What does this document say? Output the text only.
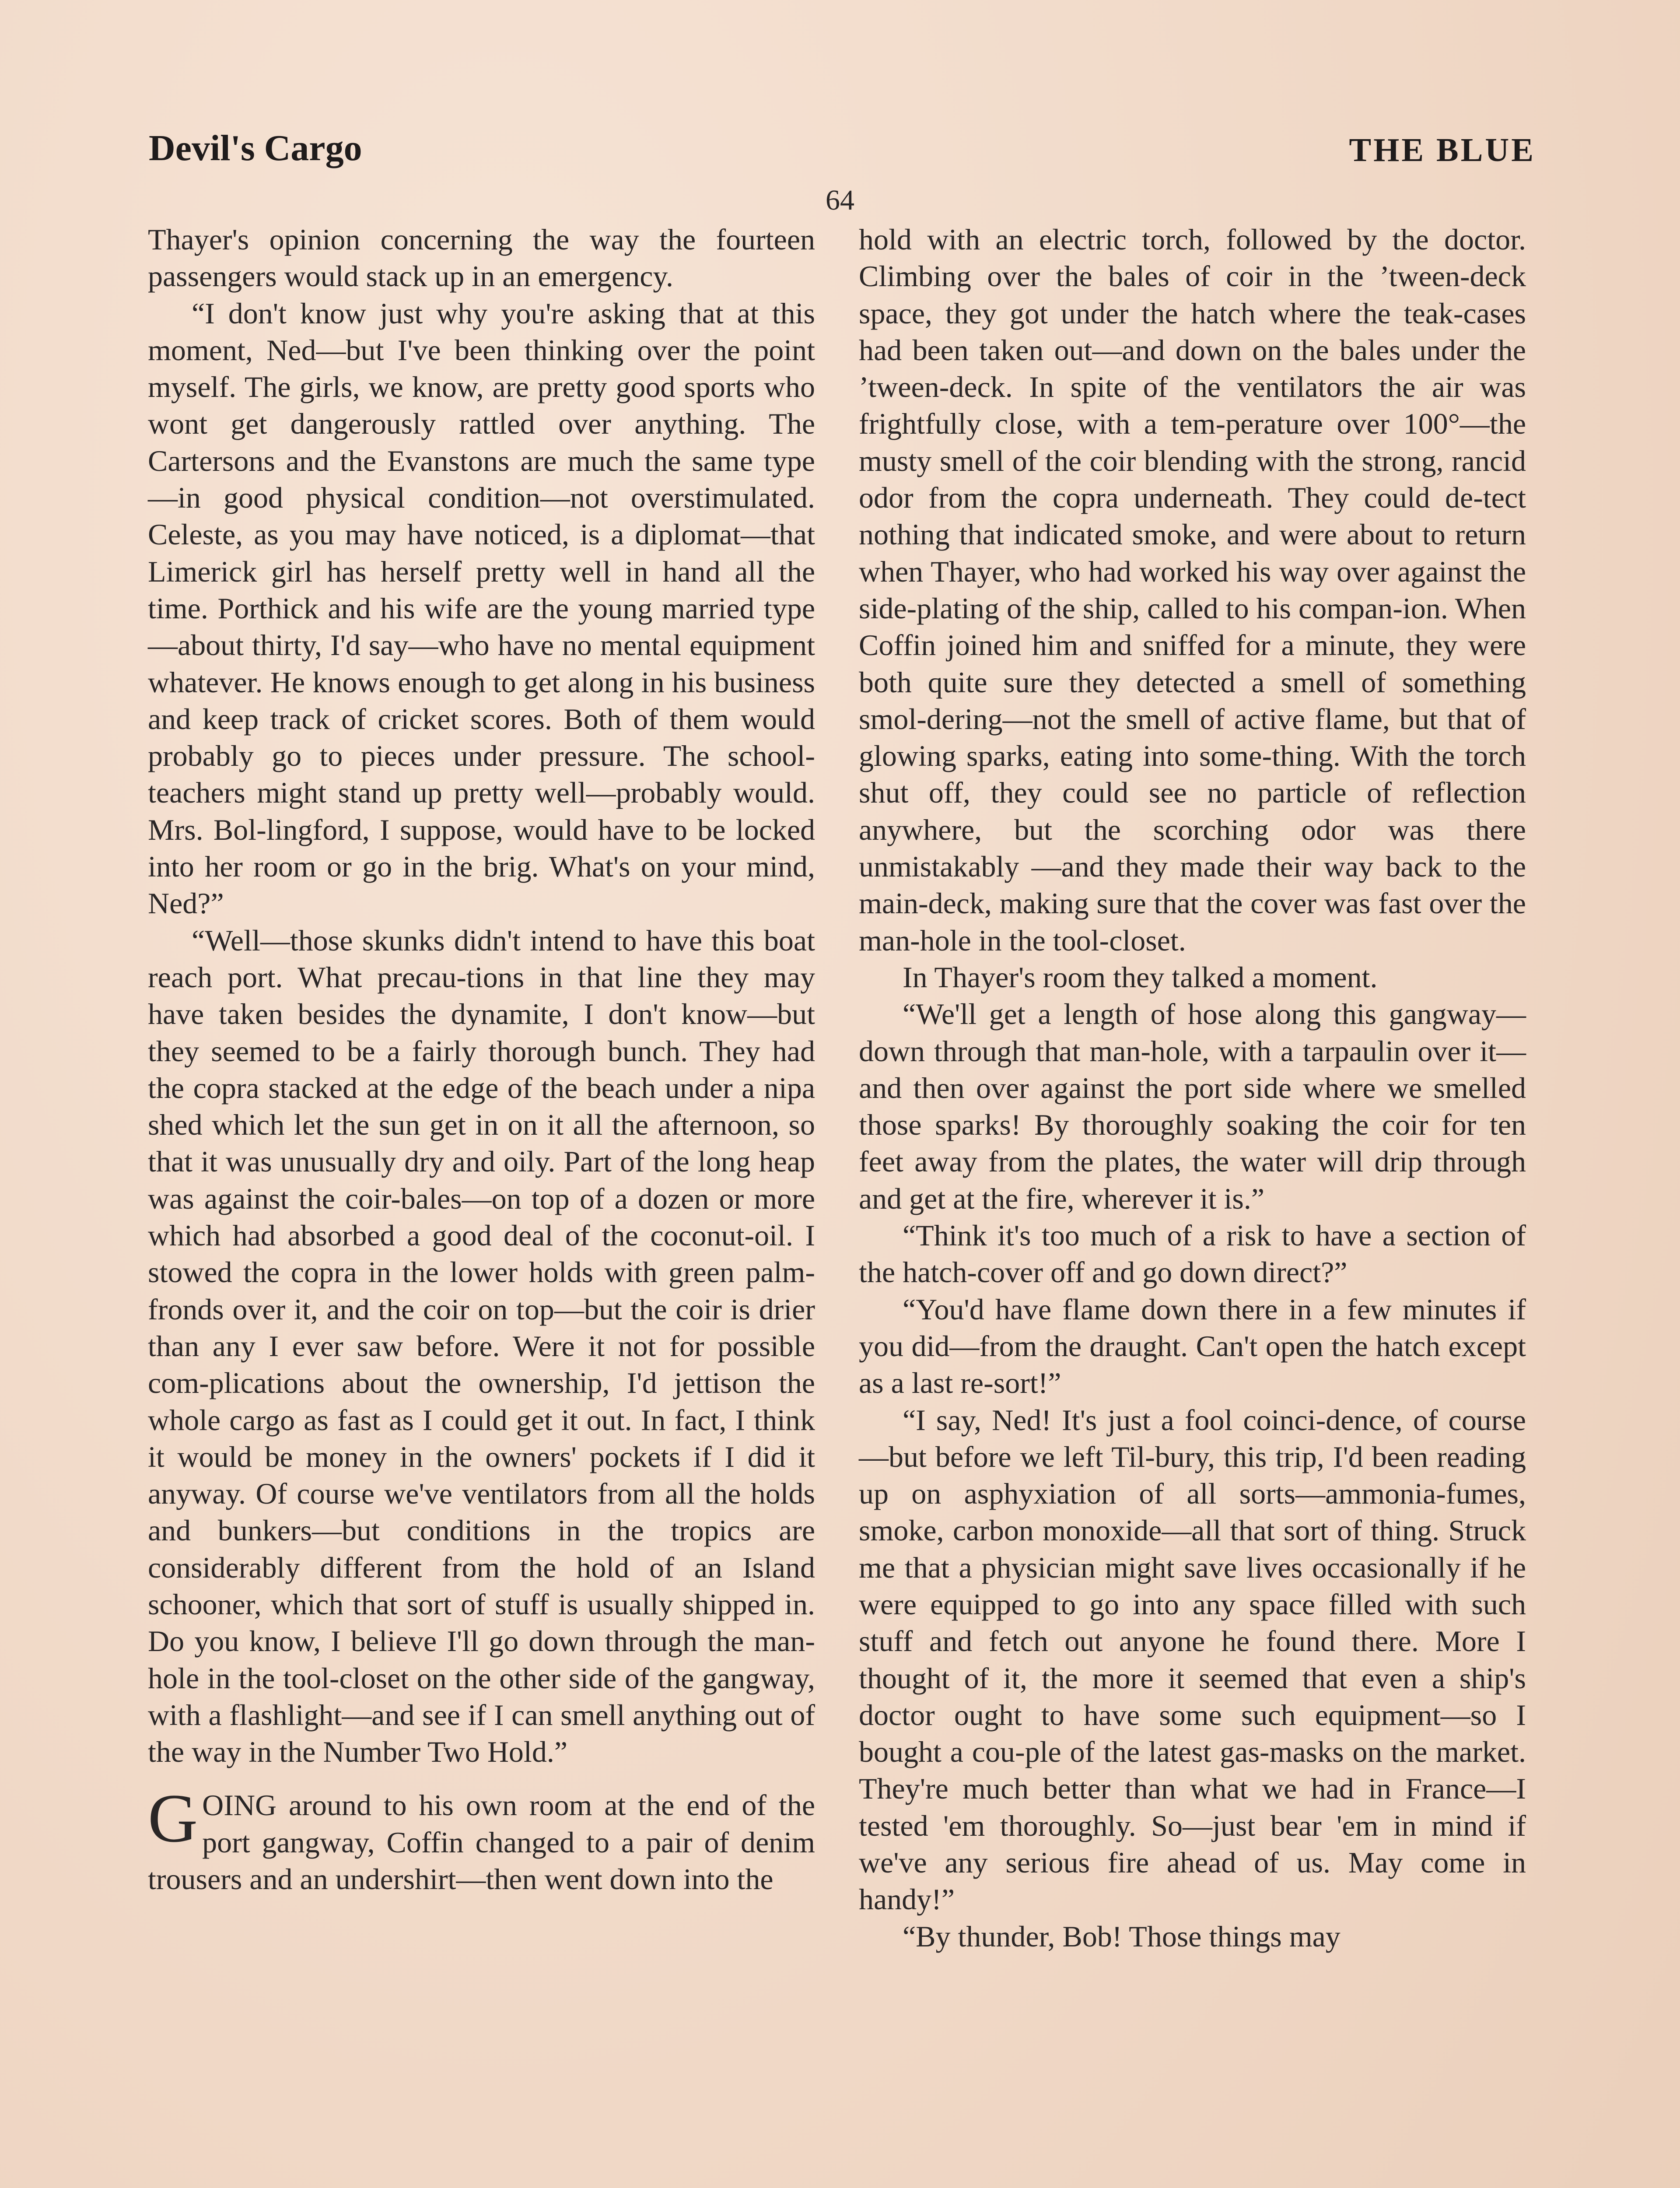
Devil's Cargo	THE BLUE
64

Thayer's opinion concerning the way the fourteen passengers would stack up in an emergency.

“I don't know just why you're asking that at this moment, Ned—but I've been thinking over the point myself. The girls, we know, are pretty good sports who wont get dangerously rattled over anything. The Cartersons and the Evanstons are much the same type—in good physical condition—not overstimulated. Celeste, as you may have noticed, is a diplomat—that Limerick girl has herself pretty well in hand all the time. Porthick and his wife are the young married type—about thirty, I'd say—who have no mental equipment whatever. He knows enough to get along in his business and keep track of cricket scores. Both of them would probably go to pieces under pressure. The school-teachers might stand up pretty well—probably would. Mrs. Bol-lingford, I suppose, would have to be locked into her room or go in the brig. What's on your mind, Ned?”

“Well—those skunks didn't intend to have this boat reach port. What precau-tions in that line they may have taken besides the dynamite, I don't know—but they seemed to be a fairly thorough bunch. They had the copra stacked at the edge of the beach under a nipa shed which let the sun get in on it all the afternoon, so that it was unusually dry and oily. Part of the long heap was against the coir-bales—on top of a dozen or more which had absorbed a good deal of the coconut-oil. I stowed the copra in the lower holds with green palm-fronds over it, and the coir on top—but the coir is drier than any I ever saw before. Were it not for possible com-plications about the ownership, I'd jettison the whole cargo as fast as I could get it out. In fact, I think it would be money in the owners' pockets if I did it anyway. Of course we've ventilators from all the holds and bunkers—but conditions in the tropics are considerably different from the hold of an Island schooner, which that sort of stuff is usually shipped in. Do you know, I believe I'll go down through the man-hole in the tool-closet on the other side of the gangway, with a flashlight—and see if I can smell anything out of the way in the Number Two Hold.”

GOING around to his own room at the end of the port gangway, Coffin changed to a pair of denim trousers and an undershirt—then went down into the

hold with an electric torch, followed by the doctor. Climbing over the bales of coir in the ’tween-deck space, they got under the hatch where the teak-cases had been taken out—and down on the bales under the ’tween-deck. In spite of the ventilators the air was frightfully close, with a tem-perature over 100°—the musty smell of the coir blending with the strong, rancid odor from the copra underneath. They could de-tect nothing that indicated smoke, and were about to return when Thayer, who had worked his way over against the side-plating of the ship, called to his compan-ion. When Coffin joined him and sniffed for a minute, they were both quite sure they detected a smell of something smol-dering—not the smell of active flame, but that of glowing sparks, eating into some-thing. With the torch shut off, they could see no particle of reflection anywhere, but the scorching odor was there unmistakably —and they made their way back to the main-deck, making sure that the cover was fast over the man-hole in the tool-closet.

In Thayer's room they talked a moment.

“We'll get a length of hose along this gangway—down through that man-hole, with a tarpaulin over it—and then over against the port side where we smelled those sparks! By thoroughly soaking the coir for ten feet away from the plates, the water will drip through and get at the fire, wherever it is.”

“Think it's too much of a risk to have a section of the hatch-cover off and go down direct?”

“You'd have flame down there in a few minutes if you did—from the draught. Can't open the hatch except as a last re-sort!”

“I say, Ned! It's just a fool coinci-dence, of course—but before we left Til-bury, this trip, I'd been reading up on asphyxiation of all sorts—ammonia-fumes, smoke, carbon monoxide—all that sort of thing. Struck me that a physician might save lives occasionally if he were equipped to go into any space filled with such stuff and fetch out anyone he found there. More I thought of it, the more it seemed that even a ship's doctor ought to have some such equipment—so I bought a cou-ple of the latest gas-masks on the market. They're much better than what we had in France—I tested 'em thoroughly. So—just bear 'em in mind if we've any serious fire ahead of us. May come in handy!”

“By thunder, Bob! Those things may
